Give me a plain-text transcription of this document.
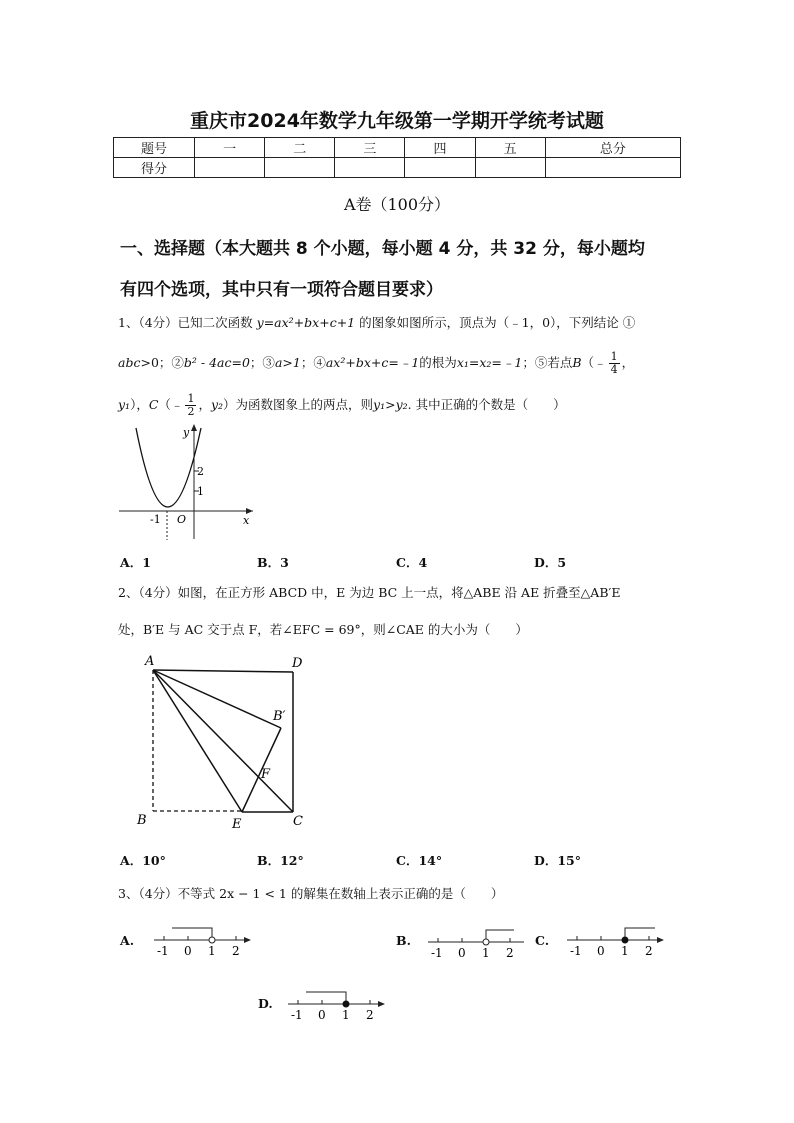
重庆市2024年数学九年级第一学期开学统考试题
题号	一	二	三	四	五	总分
得分						
A卷（100分）
一、选择题（本大题共 8 个小题，每小题 4 分，共 32 分，每小题均
有四个选项，其中只有一项符合题目要求）
1、（4分）已知二次函数 y=ax²+bx+c+1 的图象如图所示，顶点为（﹣1，0），下列结论 ①
abc>0；②b² - 4ac=0；③a>1；④ax²+bx+c=﹣1的根为x₁=x₂=﹣1；⑤若点B（﹣ $\frac{1}{4}$ ，
y₁），C（﹣ $\frac{1}{2}$ ，y₂）为函数图象上的两点，则y₁>y₂. 其中正确的个数是（　　）
y
x
O
-1
1
2
A．1	B．3	C．4	D．5
2、（4分）如图，在正方形 ABCD 中，E 为边 BC 上一点，将△ABE 沿 AE 折叠至△AB′E
处，B′E 与 AC 交于点 F，若∠EFC = 69°，则∠CAE 的大小为（　　）
A	D
B	E	C
F
B′
A．10°	B．12°	C．14°	D．15°
3、（4分）不等式 2x − 1 < 1 的解集在数轴上表示正确的是（　　）
A.
-1 0 1 2
B.
-1 0 1 2
C.
-1 0 1 2
D.
-1 0 1 2
